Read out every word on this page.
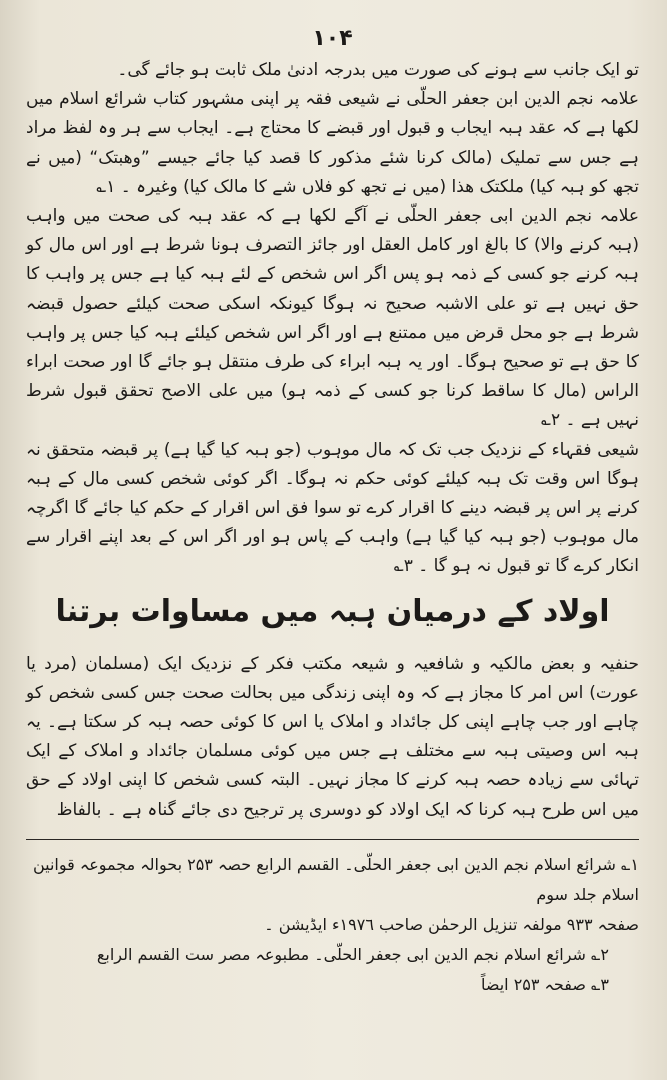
١٠۴

تو ایک جانب سے ہونے کی صورت میں بدرجہ ادنیٰ ملک ثابت ہو جائے گی۔

علامہ نجم الدین ابن جعفر الحلّی نے شیعی فقہ پر اپنی مشہور کتاب شرائع اسلام میں لکھا ہے کہ عقد ہبہ ایجاب و قبول اور قبضے کا محتاج ہے۔ ایجاب سے ہر وہ لفظ مراد ہے جس سے تملیک (مالک کرنا شئے مذکور کا قصد کیا جائے جیسے ”وھبتک“ (میں نے تجھ کو ہبہ کیا) ملکتک ھذا (میں نے تجھ کو فلاں شے کا مالک کیا) وغیرہ ۔ ١؎

علامہ نجم الدین ابی جعفر الحلّی نے آگے لکھا ہے کہ عقد ہبہ کی صحت میں واہب (ہبہ کرنے والا) کا بالغ اور کامل العقل اور جائز التصرف ہونا شرط ہے اور اس مال کو ہبہ کرنے جو کسی کے ذمہ ہو پس اگر اس شخص کے لئے ہبہ کیا ہے جس پر واہب کا حق نہیں ہے تو علی الاشبہ صحیح نہ ہوگا کیونکہ اسکی صحت کیلئے حصول قبضہ شرط ہے جو محل قرض میں ممتنع ہے اور اگر اس شخص کیلئے ہبہ کیا جس پر واہب کا حق ہے تو صحیح ہوگا۔ اور یہ ہبہ ابراء کی طرف منتقل ہو جائے گا اور صحت ابراء الراس (مال کا ساقط کرنا جو کسی کے ذمہ ہو) میں علی الاصح تحقق قبول شرط نہیں ہے ۔ ٢؎

شیعی فقہاء کے نزدیک جب تک کہ مال موہوب (جو ہبہ کیا گیا ہے) پر قبضہ متحقق نہ ہوگا اس وقت تک ہبہ کیلئے کوئی حکم نہ ہوگا۔ اگر کوئی شخص کسی مال کے ہبہ کرنے پر اس پر قبضہ دینے کا اقرار کرے تو سوا فق اس اقرار کے حکم کیا جائے گا اگرچہ مال موہوب (جو ہبہ کیا گیا ہے) واہب کے پاس ہو اور اگر اس کے بعد اپنے اقرار سے انکار کرے گا تو قبول نہ ہو گا ۔ ٣؎

اولاد کے درمیان ہبہ میں مساوات برتنا

حنفیہ و بعض مالکیہ و شافعیہ و شیعہ مکتب فکر کے نزدیک ایک (مسلمان (مرد یا عورت) اس امر کا مجاز ہے کہ وہ اپنی زندگی میں بحالت صحت جس کسی شخص کو چاہے اور جب چاہے اپنی کل جائداد و املاک یا اس کا کوئی حصہ ہبہ کر سکتا ہے۔ یہ ہبہ اس وصیتی ہبہ سے مختلف ہے جس میں کوئی مسلمان جائداد و املاک کے ایک تہائی سے زیادہ حصہ ہبہ کرنے کا مجاز نہیں۔ البتہ کسی شخص کا اپنی اولاد کے حق میں اس طرح ہبہ کرنا کہ ایک اولاد کو دوسری پر ترجیح دی جائے گناہ ہے ۔ بالفاظ

١؎ شرائع اسلام نجم الدین ابی جعفر الحلّی۔ القسم الرابع حصہ ٢۵٣ بحوالہ مجموعہ قوانین اسلام جلد سوم

صفحہ ٩٣٣ مولفہ تنزیل الرحمٰن صاحب ١٩٧٦ء ایڈیشن ۔

٢؎ شرائع اسلام نجم الدین ابی جعفر الحلّی۔ مطبوعہ مصر ست القسم الرابع

٣؎ صفحہ ٢۵٣ ایضاً
